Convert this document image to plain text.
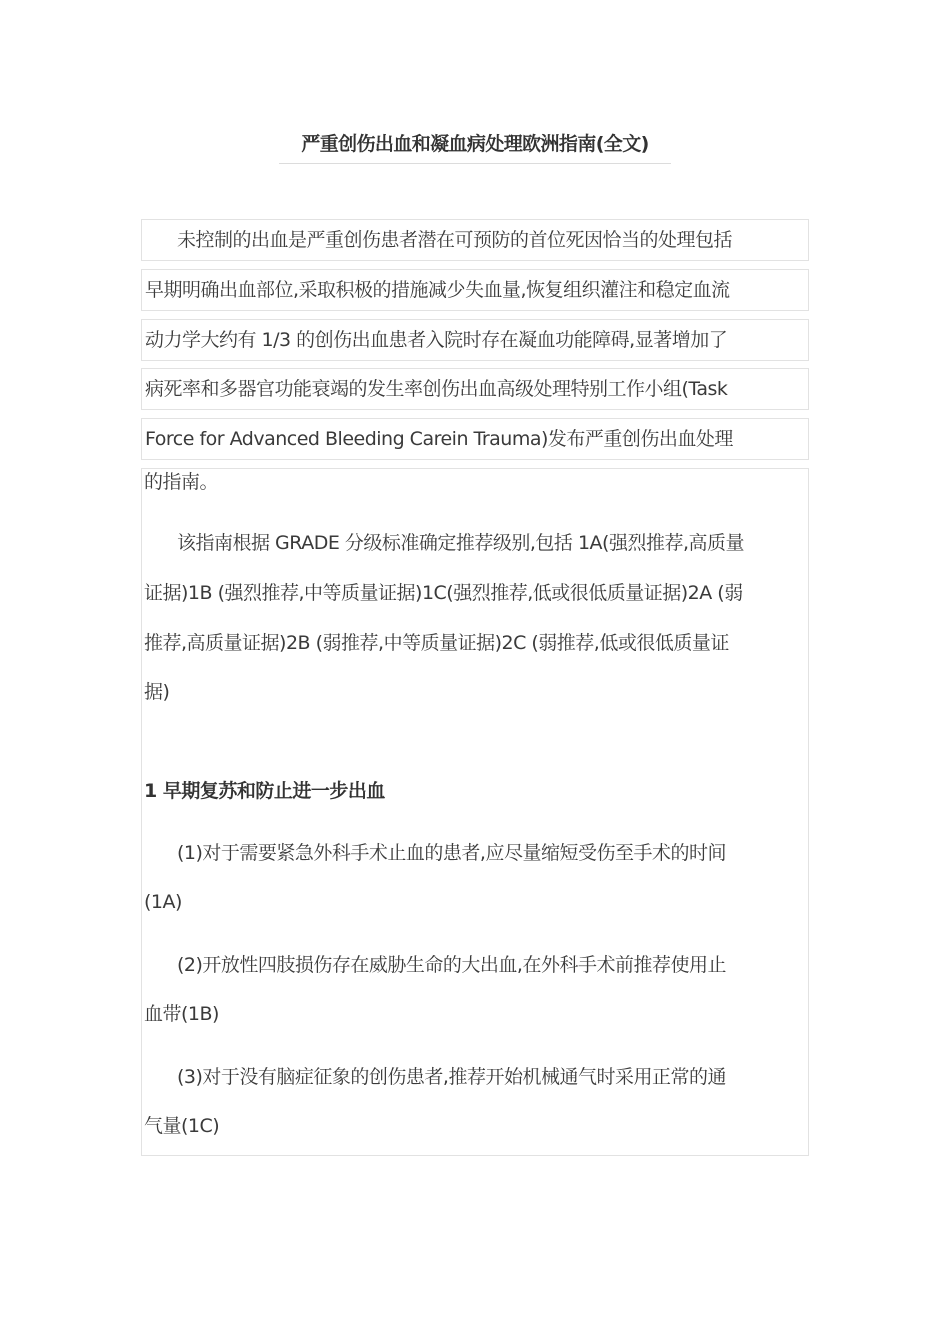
严重创伤出血和凝血病处理欧洲指南(全文)
未控制的出血是严重创伤患者潜在可预防的首位死因恰当的处理包括
早期明确出血部位,采取积极的措施减少失血量,恢复组织灌注和稳定血流
动力学大约有 1/3 的创伤出血患者入院时存在凝血功能障碍,显著增加了
病死率和多器官功能衰竭的发生率创伤出血高级处理特别工作小组(Task
Force for Advanced Bleeding Carein Trauma)发布严重创伤出血处理
的指南。
该指南根据 GRADE 分级标准确定推荐级别,包括 1A(强烈推荐,高质量
证据)1B (强烈推荐,中等质量证据)1C(强烈推荐,低或很低质量证据)2A (弱
推荐,高质量证据)2B (弱推荐,中等质量证据)2C (弱推荐,低或很低质量证
据)
1 早期复苏和防止进一步出血
(1)对于需要紧急外科手术止血的患者,应尽量缩短受伤至手术的时间
(1A)
(2)开放性四肢损伤存在威胁生命的大出血,在外科手术前推荐使用止
血带(1B)
(3)对于没有脑症征象的创伤患者,推荐开始机械通气时采用正常的通
气量(1C)
